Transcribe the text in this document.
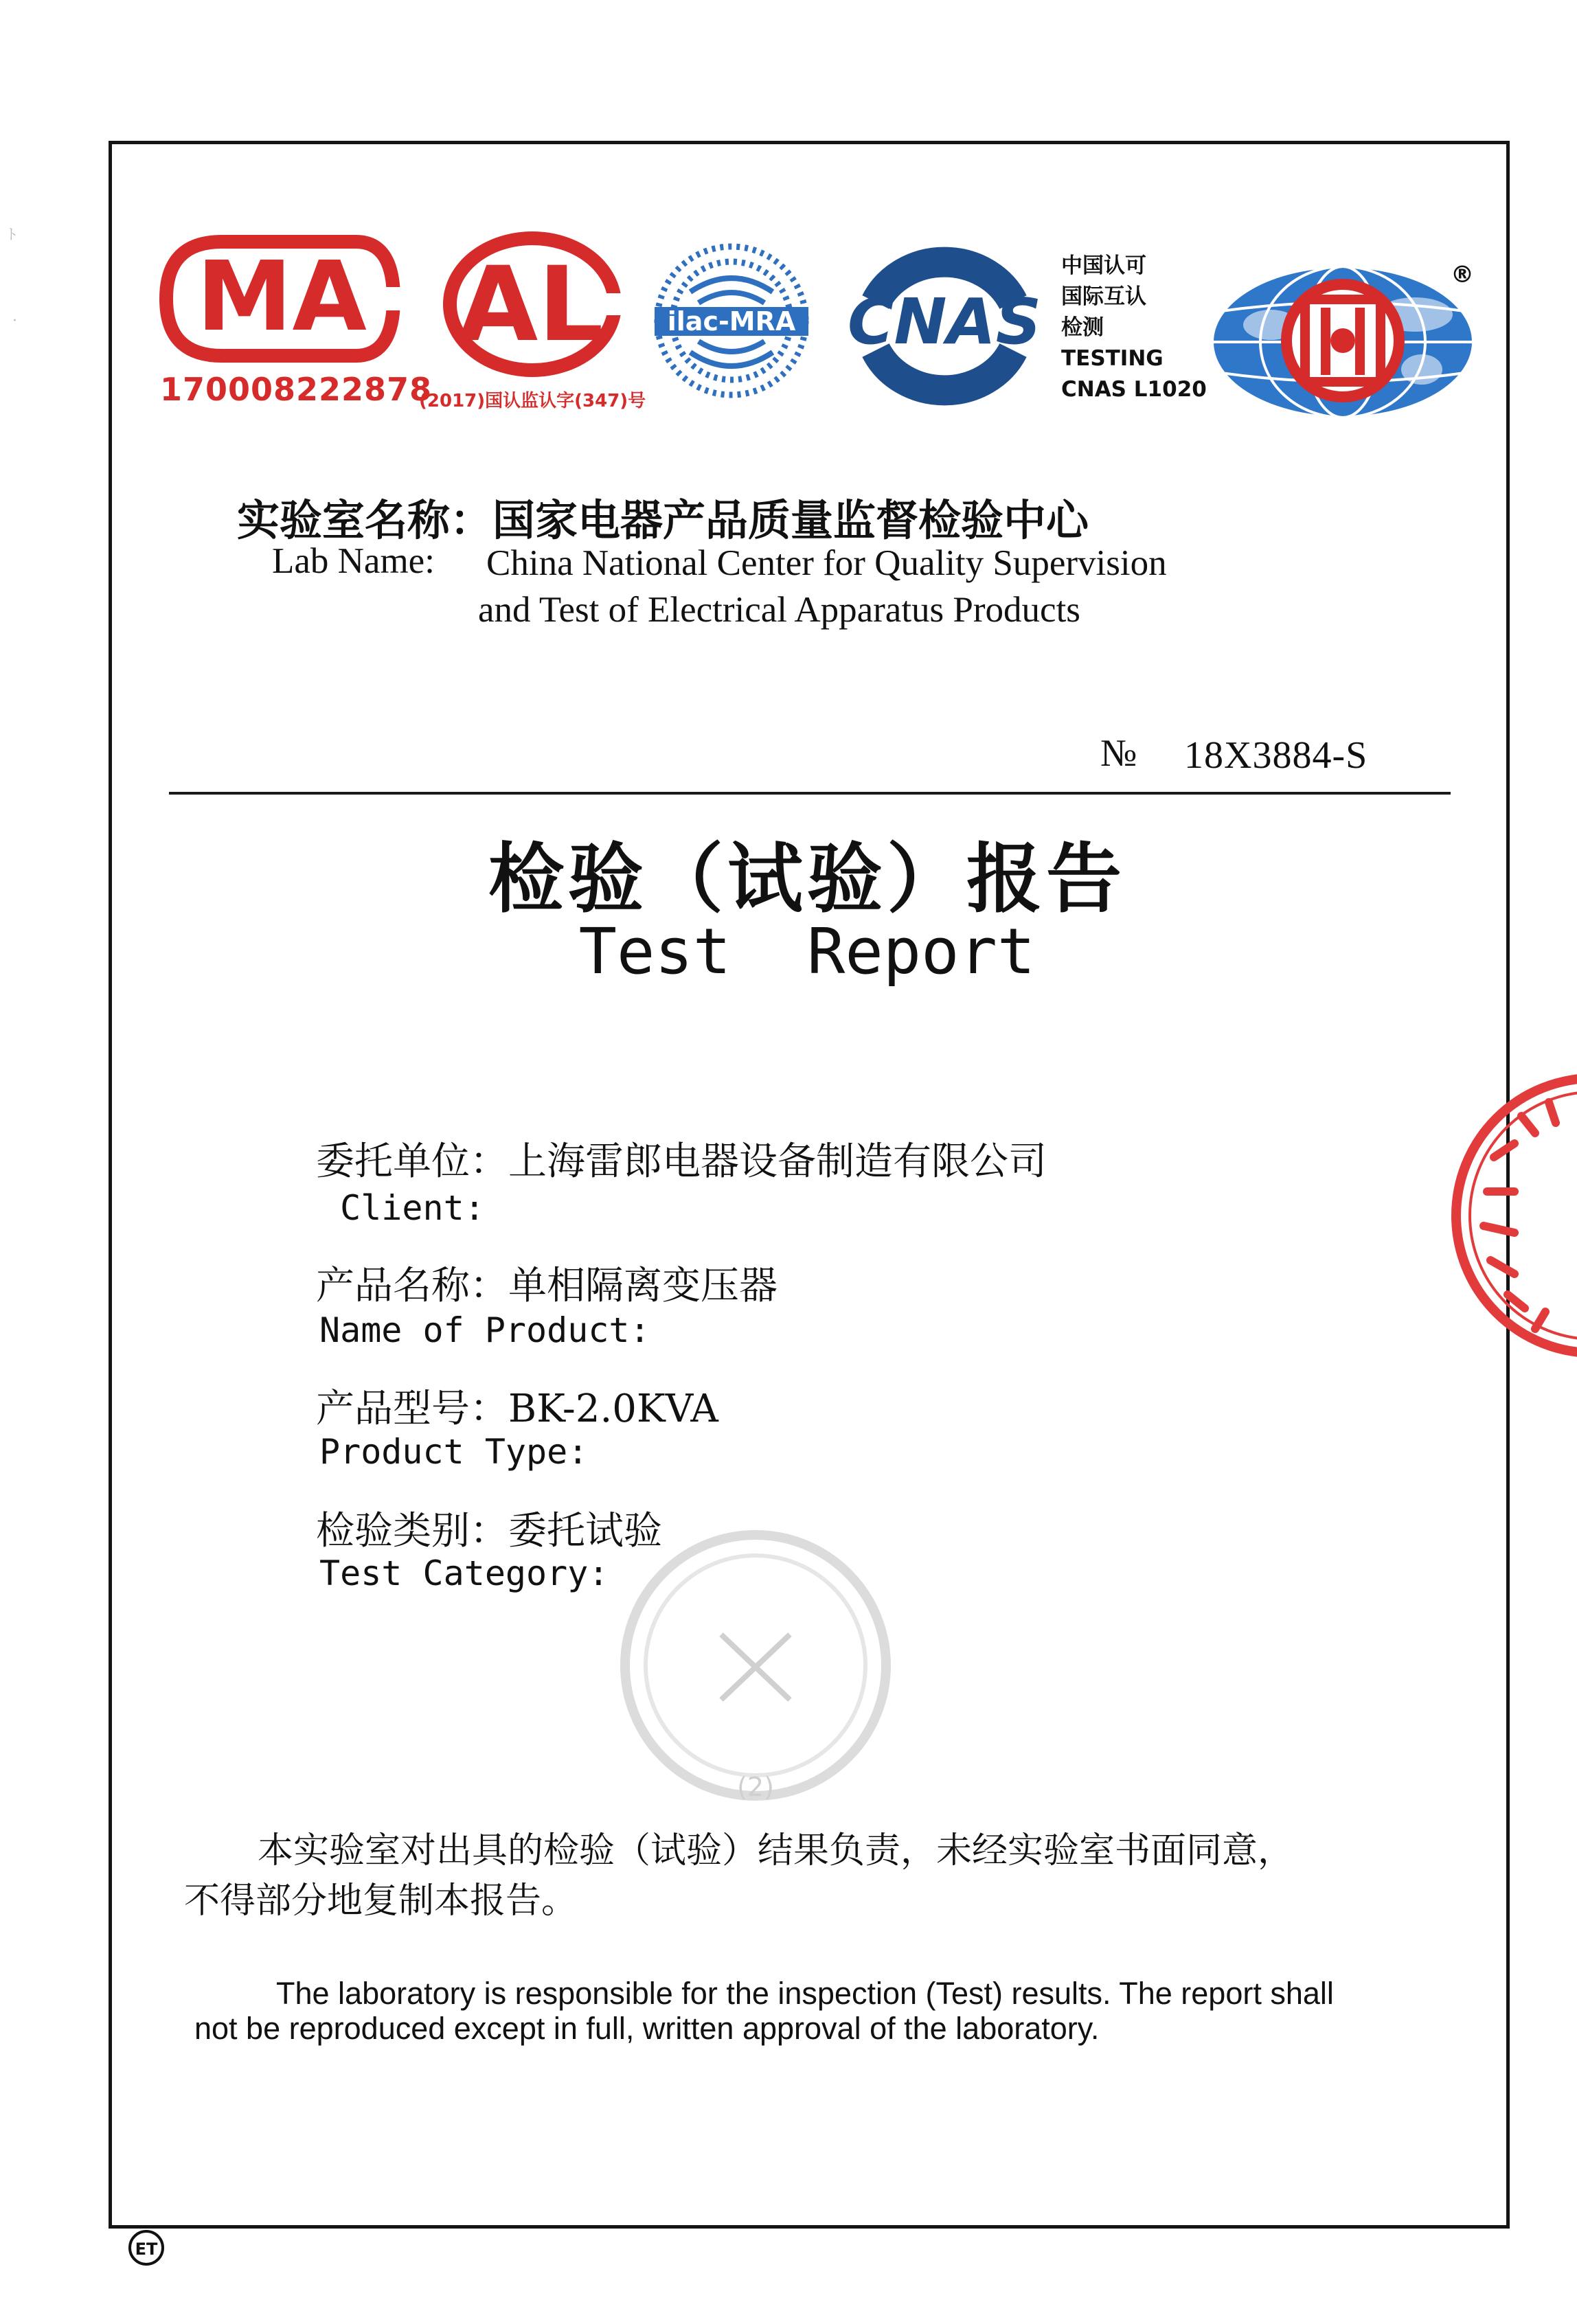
ﾄ
· MA
170008222878
AL
(2017)国认监认字(347)号
ilac-MRA CNAS
中国认可
国际互认
检测
TESTING
CNAS L1020
®
实验室名称：国家电器产品质量监督检验中心
Lab Name: China National Center for Quality Supervision
and Test of Electrical Apparatus Products
№ 18X3884-S
检验（试验）报告
Test  Report
委托单位：上海雷郎电器设备制造有限公司
Client:
产品名称：单相隔离变压器
Name of Product:
产品型号：BK-2.0KVA
Product Type:
检验类别：委托试验
Test Category:
(2)
本实验室对出具的检验（试验）结果负责，未经实验室书面同意，
不得部分地复制本报告。
The laboratory is responsible for the inspection (Test) results. The report shall
not be reproduced except in full, written approval of the laboratory.
ET
